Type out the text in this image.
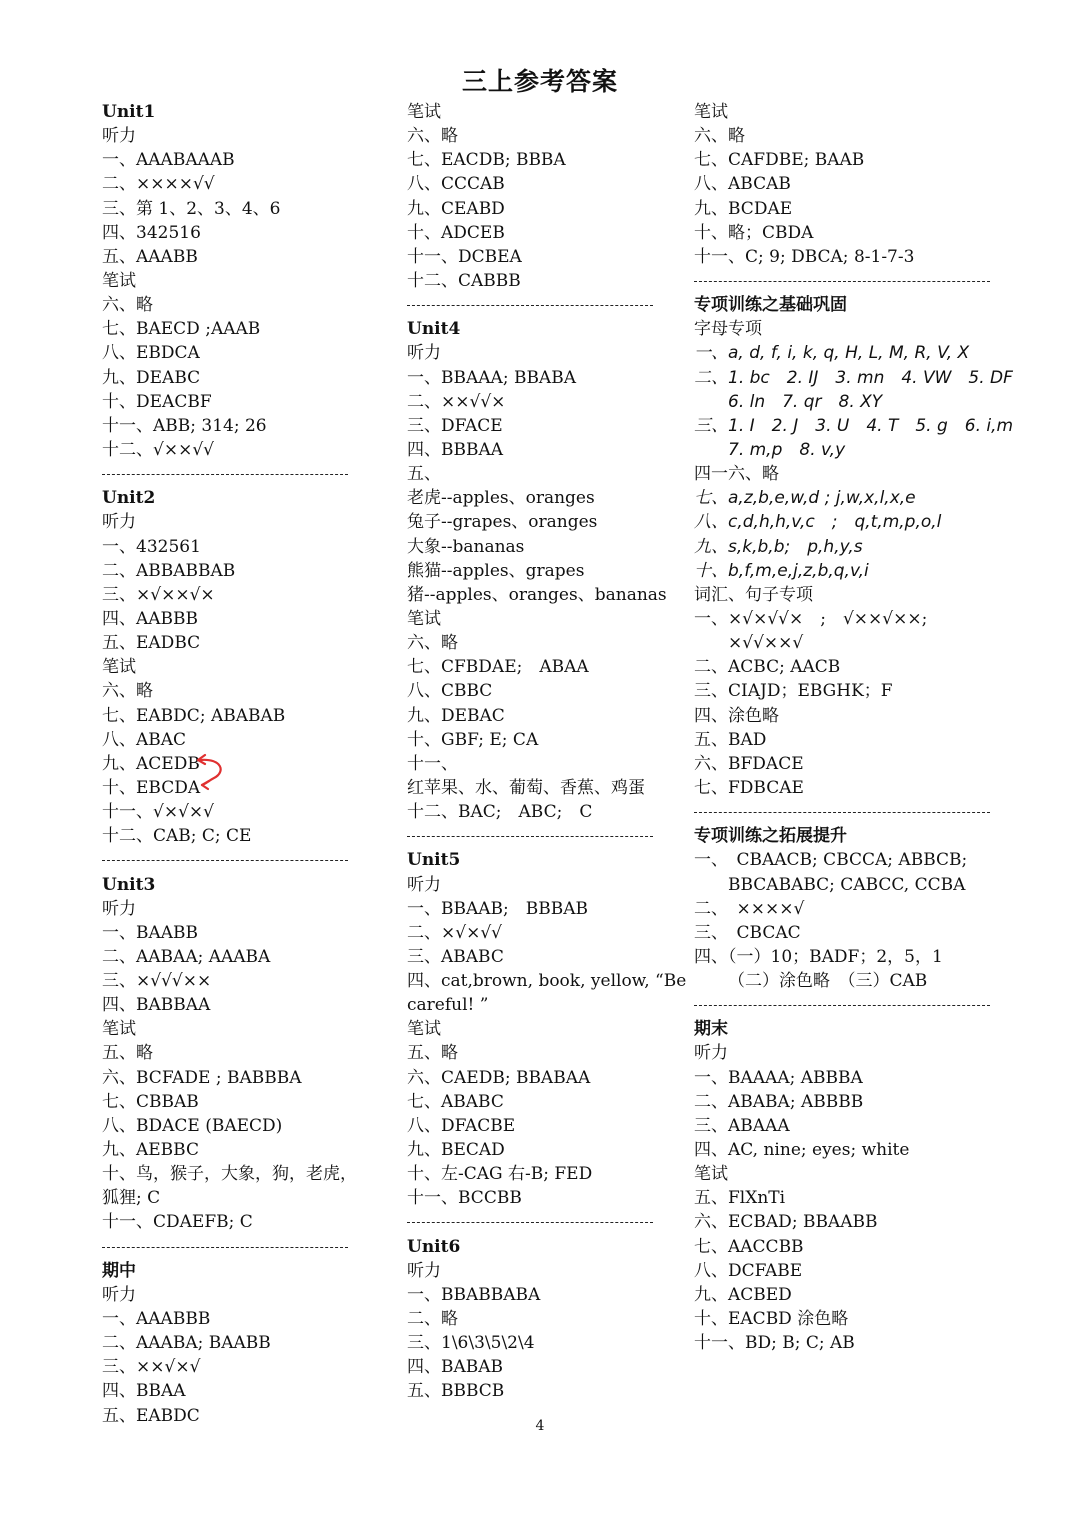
三上参考答案
Unit1
听力
一、AAABAAAB
二、××××√√
三、第 1、2、3、4、6
四、342516
五、AAABB
笔试
六、略
七、BAECD ;AAAB
八、EBDCA
九、DEABC
十、DEACBF
十一、ABB; 314; 26
十二、√××√√
Unit2
听力
一、432561
二、ABBABBAB
三、×√××√×
四、AABBB
五、EADBC
笔试
六、略
七、EABDC; ABABAB
八、ABAC
九、ACEDB
十、EBCDA
十一、√×√×√
十二、CAB; C; CE
Unit3
听力
一、BAABB
二、AABAA; AAABA
三、×√√√××
四、BABBAA
笔试
五、略
六、BCFADE ; BABBBA
七、CBBAB
八、BDACE (BAECD)
九、AEBBC
十、鸟，猴子，大象，狗，老虎，
狐狸; C
十一、CDAEFB; C
期中
听力
一、AAABBB
二、AAABA; BAABB
三、××√×√
四、BBAA
五、EABDC
笔试
六、略
七、EACDB; BBBA
八、CCCAB
九、CEABD
十、ADCEB
十一、DCBEA
十二、CABBB
Unit4
听力
一、BBAAA; BBABA
二、××√√×
三、DFACE
四、BBBAA
五、
老虎--apples、oranges
兔子--grapes、oranges
大象--bananas
熊猫--apples、grapes
猪--apples、oranges、bananas
笔试
六、略
七、CFBDAE;　ABAA
八、CBBC
九、DEBAC
十、GBF; E; CA
十一、
红苹果、水、葡萄、香蕉、鸡蛋
十二、BAC;　ABC;　C
Unit5
听力
一、BBAAB;　BBBAB
二、×√×√√
三、ABABC
四、cat,brown, book, yellow, “Be
careful! ”
笔试
五、略
六、CAEDB; BBABAA
七、ABABC
八、DFACBE
九、BECAD
十、左-CAG 右-B; FED
十一、BCCBB
Unit6
听力
一、BBABBABA
二、略
三、1\6\3\5\2\4
四、BABAB
五、BBBCB
笔试
六、略
七、CAFDBE; BAAB
八、ABCAB
九、BCDAE
十、略；CBDA
十一、C; 9; DBCA; 8-1-7-3
专项训练之基础巩固
字母专项
一、a, d, f, i, k, q, H, L, M, R, V, X
二、1. bc　2. IJ　3. mn　4. VW　5. DF
6. ln　7. qr　8. XY
三、1. I　2. J　3. U　4. T　5. g　6. i,m
7. m,p　8. v,y
四一六、略
七、a,z,b,e,w,d ; j,w,x,l,x,e
八、c,d,h,h,v,c　;　q,t,m,p,o,l
九、s,k,b,b;　p,h,y,s
十、b,f,m,e,j,z,b,q,v,i
词汇、句子专项
一、×√×√√×　;　√××√××;
×√√××√
二、ACBC; AACB
三、CIAJD；EBGHK；F
四、涂色略
五、BAD
六、BFDACE
七、FDBCAE
专项训练之拓展提升
一、　CBAACB; CBCCA; ABBCB;
BBCABABC; CABCC, CCBA
二、　××××√
三、　CBCAC
四、（一）10；BADF；2，5，1
（二）涂色略　（三）CAB
期末
听力
一、BAAAA; ABBBA
二、ABABA; ABBBB
三、ABAAA
四、AC, nine; eyes; white
笔试
五、FlXnTi
六、ECBAD; BBAABB
七、AACCBB
八、DCFABE
九、ACBED
十、EACBD 涂色略
十一、BD; B; C; AB
4
